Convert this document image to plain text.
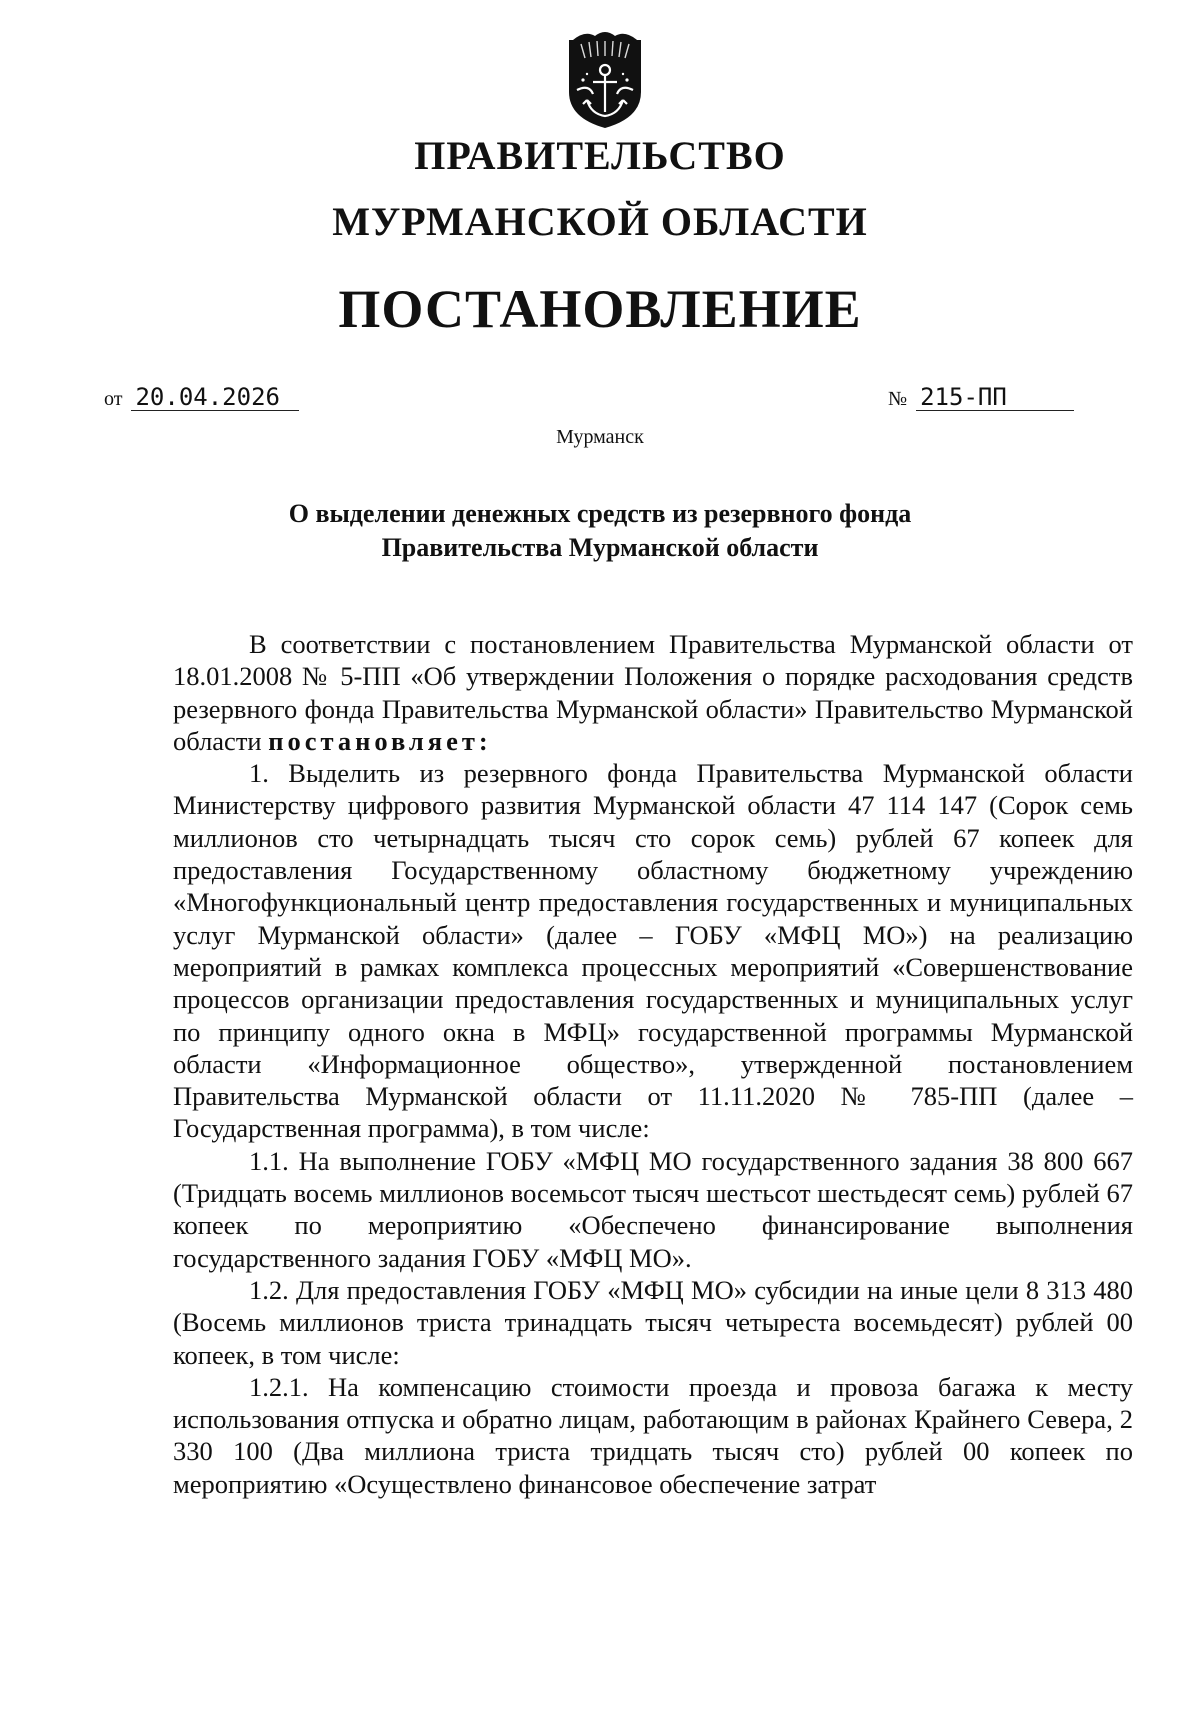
ПРАВИТЕЛЬСТВО
МУРМАНСКОЙ ОБЛАСТИ
ПОСТАНОВЛЕНИЕ
от 20.04.2026	№ 215-ПП
Мурманск
О выделении денежных средств из резервного фонда
Правительства Мурманской области

В соответствии с постановлением Правительства Мурманской области от 18.01.2008 № 5-ПП «Об утверждении Положения о порядке расходования средств резервного фонда Правительства Мурманской области» Правительство Мурманской области постановляет:

1. Выделить из резервного фонда Правительства Мурманской области Министерству цифрового развития Мурманской области 47 114 147 (Сорок семь миллионов сто четырнадцать тысяч сто сорок семь) рублей 67 копеек для предоставления Государственному областному бюджетному учреждению «Многофункциональный центр предоставления государственных и муниципальных услуг Мурманской области» (далее – ГОБУ «МФЦ МО») на реализацию мероприятий в рамках комплекса процессных мероприятий «Совершенствование процессов организации предоставления государственных и муниципальных услуг по принципу одного окна в МФЦ» государственной программы Мурманской области «Информационное общество», утвержденной постановлением Правительства Мурманской области от 11.11.2020 № 785-ПП (далее – Государственная программа), в том числе:

1.1. На выполнение ГОБУ «МФЦ МО государственного задания 38 800 667 (Тридцать восемь миллионов восемьсот тысяч шестьсот шестьдесят семь) рублей 67 копеек по мероприятию «Обеспечено финансирование выполнения государственного задания ГОБУ «МФЦ МО».

1.2. Для предоставления ГОБУ «МФЦ МО» субсидии на иные цели 8 313 480 (Восемь миллионов триста тринадцать тысяч четыреста восемьдесят) рублей 00 копеек, в том числе:

1.2.1. На компенсацию стоимости проезда и провоза багажа к месту использования отпуска и обратно лицам, работающим в районах Крайнего Севера, 2 330 100 (Два миллиона триста тридцать тысяч сто) рублей 00 копеек по мероприятию «Осуществлено финансовое обеспечение затрат
